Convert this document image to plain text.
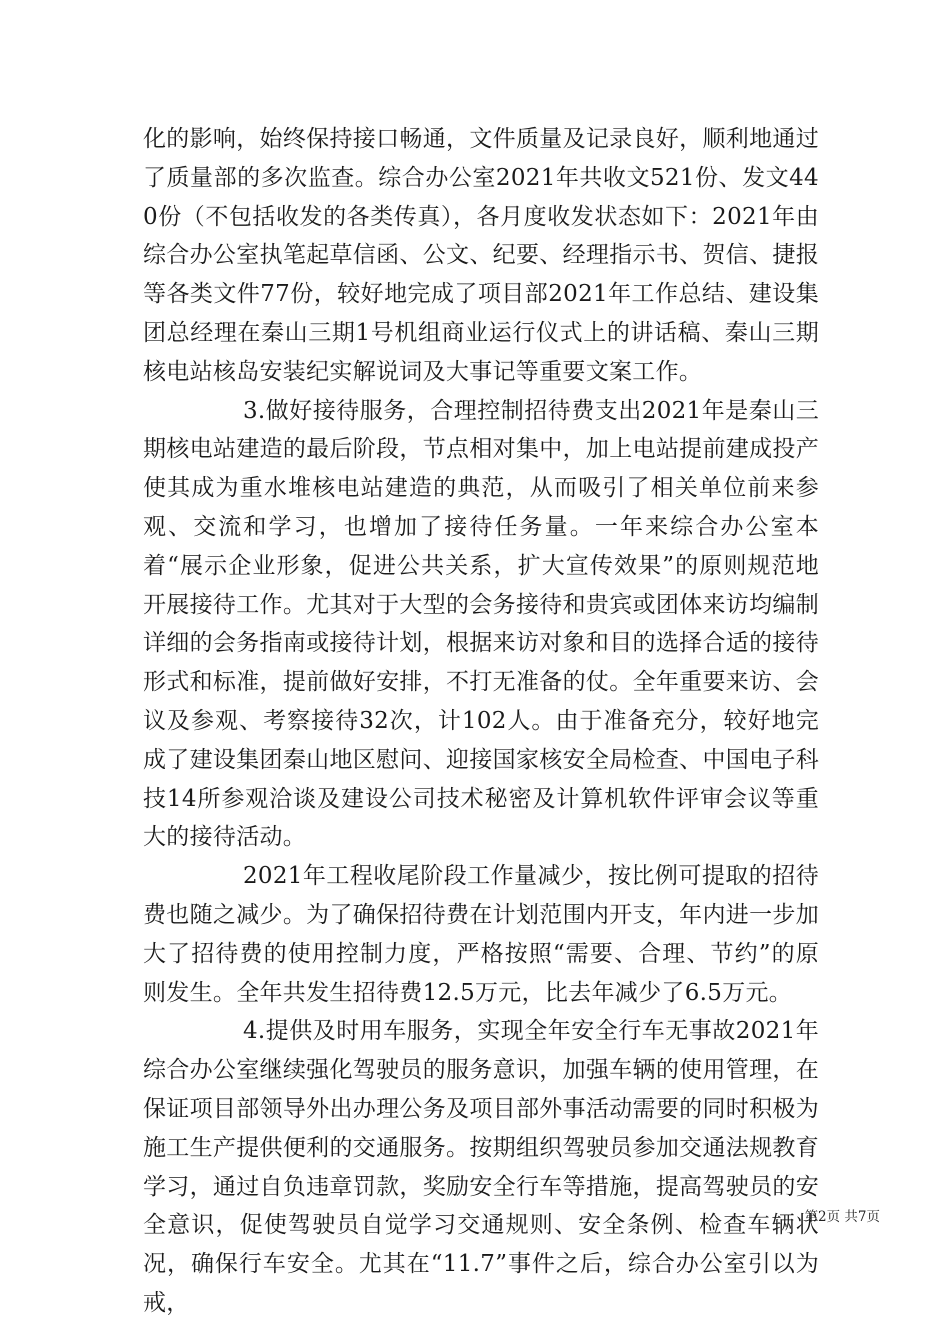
化的影响，始终保持接口畅通，文件质量及记录良好，顺利地通过了质量部的多次监查。综合办公室2021年共收文521份、发文440份（不包括收发的各类传真），各月度收发状态如下：2021年由综合办公室执笔起草信函、公文、纪要、经理指示书、贺信、捷报等各类文件77份，较好地完成了项目部2021年工作总结、建设集团总经理在秦山三期1号机组商业运行仪式上的讲话稿、秦山三期核电站核岛安装纪实解说词及大事记等重要文案工作。

3.做好接待服务，合理控制招待费支出2021年是秦山三期核电站建造的最后阶段，节点相对集中，加上电站提前建成投产使其成为重水堆核电站建造的典范，从而吸引了相关单位前来参观、交流和学习，也增加了接待任务量。一年来综合办公室本着“展示企业形象，促进公共关系，扩大宣传效果”的原则规范地开展接待工作。尤其对于大型的会务接待和贵宾或团体来访均编制详细的会务指南或接待计划，根据来访对象和目的选择合适的接待形式和标准，提前做好安排，不打无准备的仗。全年重要来访、会议及参观、考察接待32次，计102人。由于准备充分，较好地完成了建设集团秦山地区慰问、迎接国家核安全局检查、中国电子科技14所参观洽谈及建设公司技术秘密及计算机软件评审会议等重大的接待活动。

2021年工程收尾阶段工作量减少，按比例可提取的招待费也随之减少。为了确保招待费在计划范围内开支，年内进一步加大了招待费的使用控制力度，严格按照“需要、合理、节约”的原则发生。全年共发生招待费12.5万元，比去年减少了6.5万元。

4.提供及时用车服务，实现全年安全行车无事故2021年综合办公室继续强化驾驶员的服务意识，加强车辆的使用管理，在保证项目部领导外出办理公务及项目部外事活动需要的同时积极为施工生产提供便利的交通服务。按期组织驾驶员参加交通法规教育学习，通过自负违章罚款，奖励安全行车等措施，提高驾驶员的安全意识，促使驾驶员自觉学习交通规则、安全条例、检查车辆状况，确保行车安全。尤其在“11.7”事件之后，综合办公室引以为戒，

第2页 共7页
